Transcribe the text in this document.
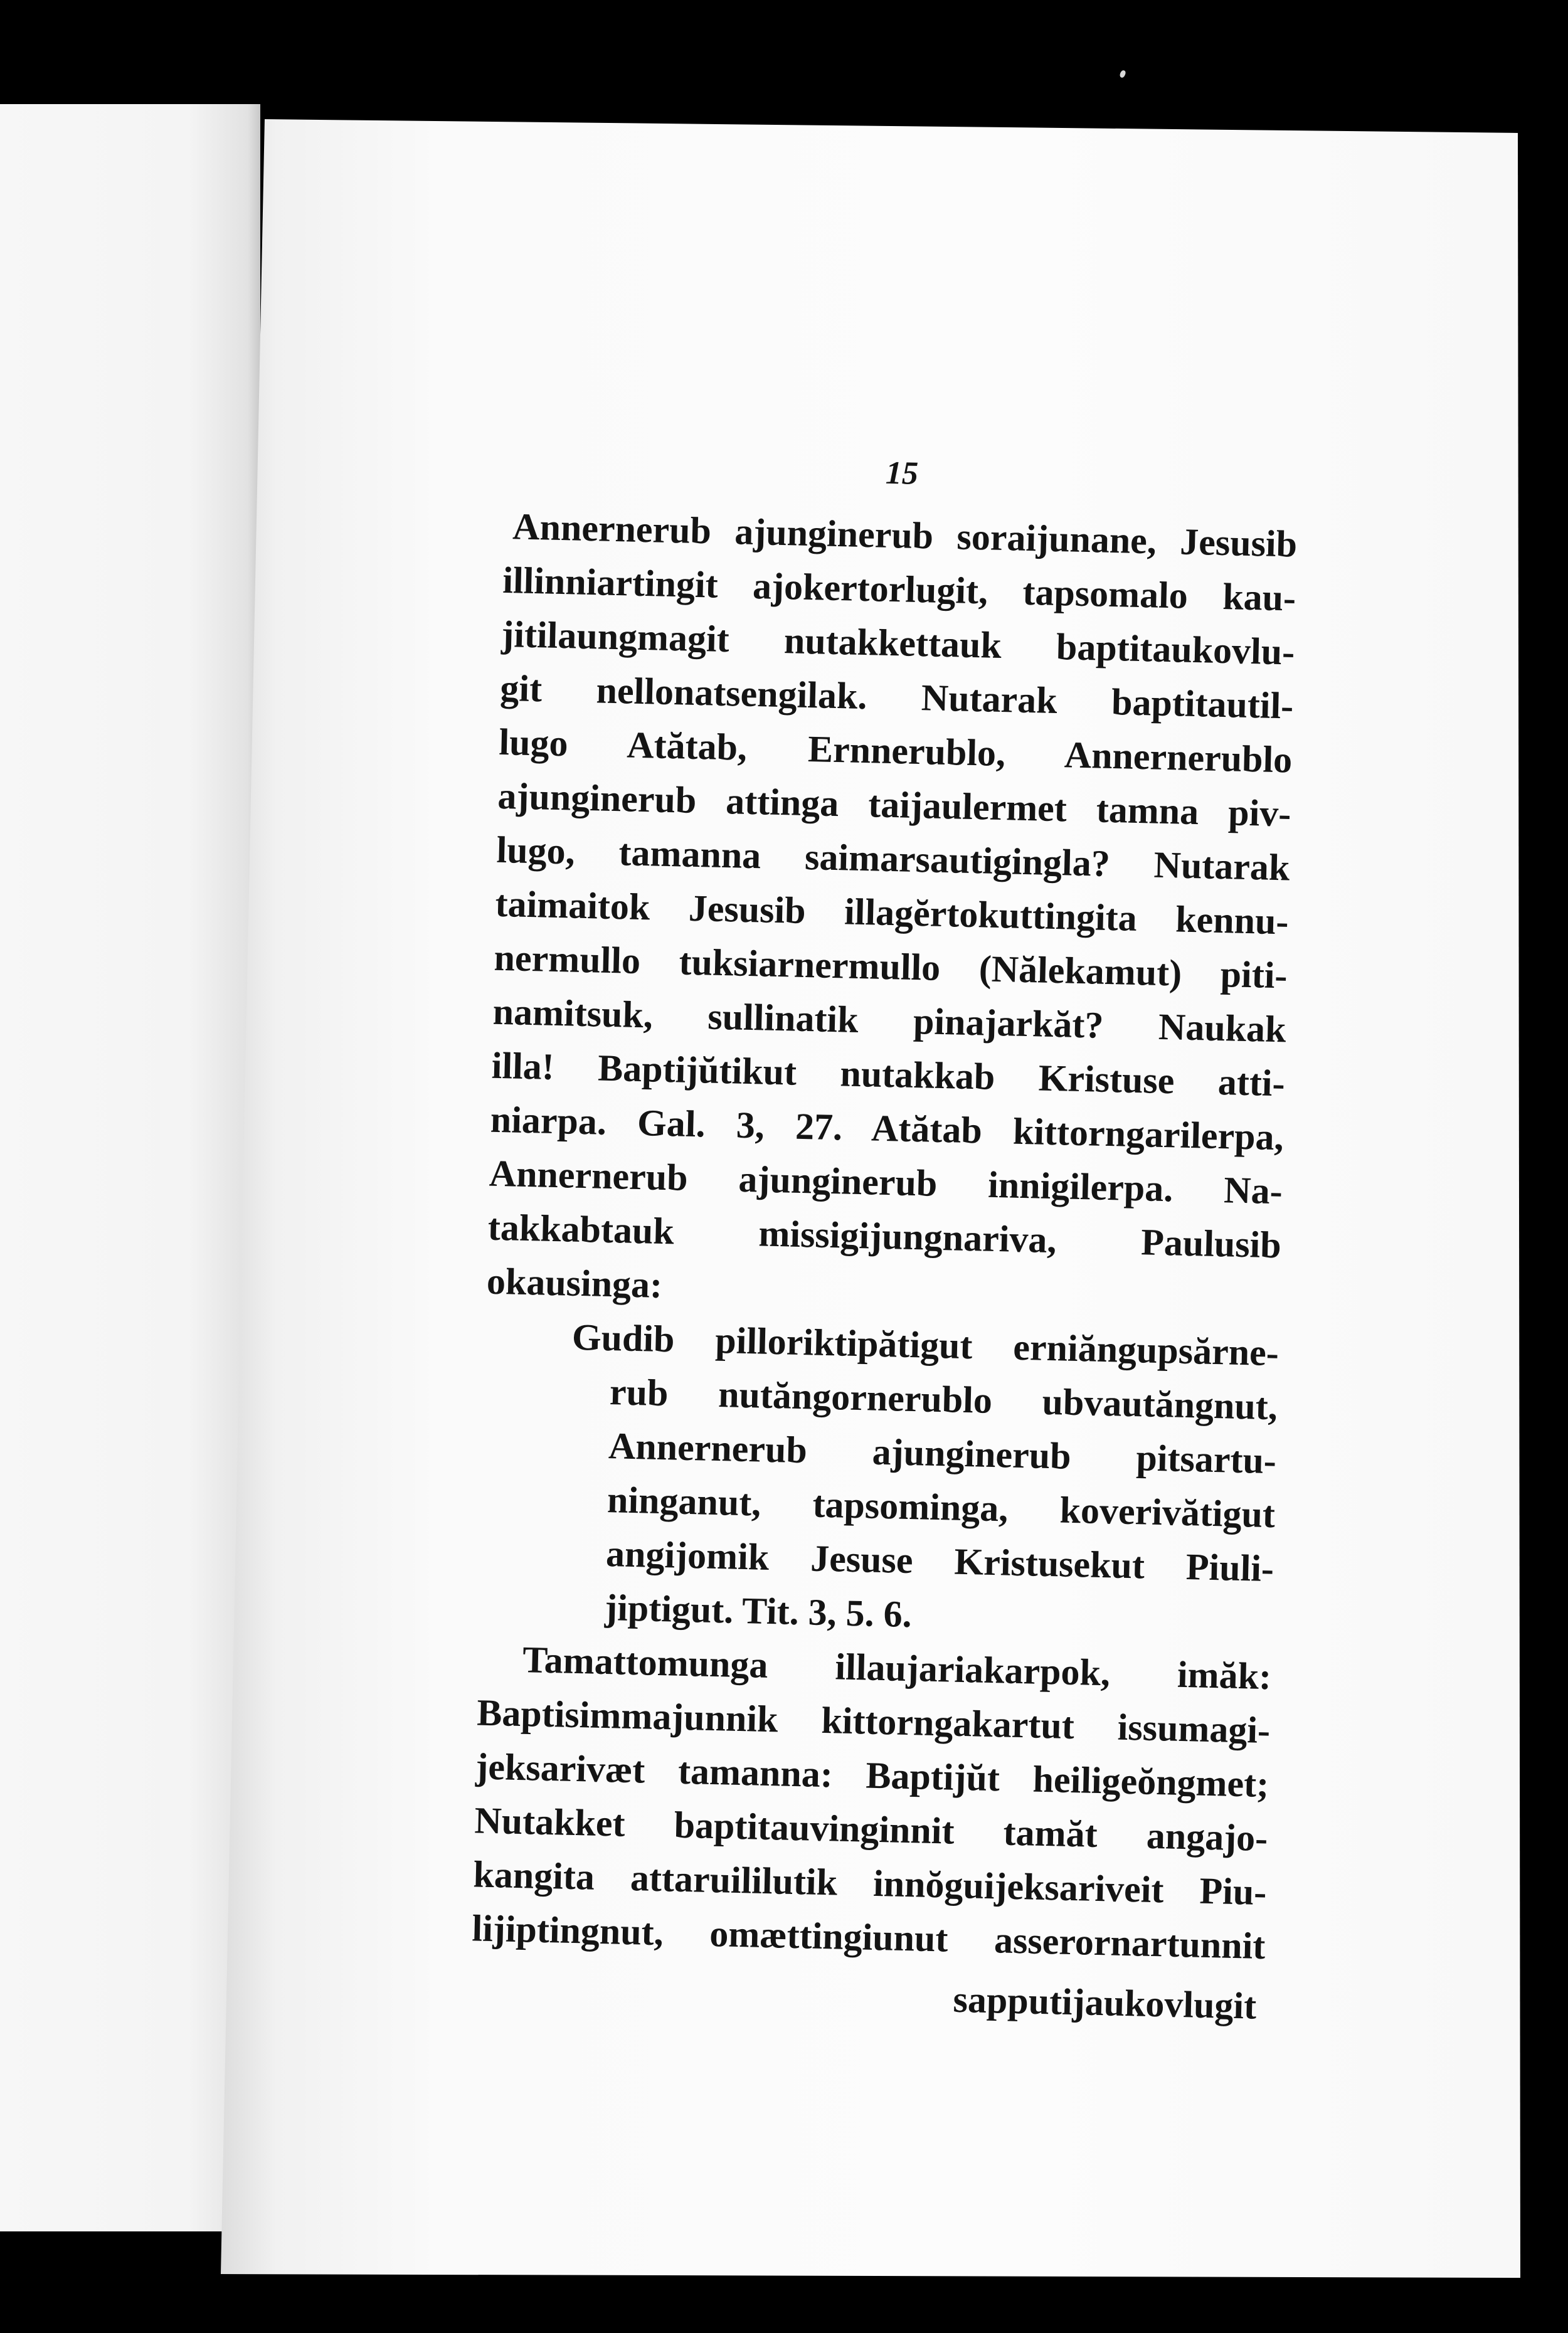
15
Annernerub ajunginerub soraijunane, Jesusib
illinniartingit ajokertorlugit, tapsomalo kau-
jitilaungmagit nutakkettauk baptitaukovlu-
git nellonatsengilak. Nutarak baptitautil-
lugo Atătab, Ernnerublo, Annernerublo
ajunginerub attinga taijaulermet tamna piv-
lugo, tamanna saimarsautigingla? Nutarak
taimaitok Jesusib illagĕrtokuttingita kennu-
nermullo tuksiarnermullo (Nălekamut) piti-
namitsuk, sullinatik pinajarkăt? Naukak
illa! Baptijŭtikut nutakkab Kristuse atti-
niarpa. Gal. 3, 27. Atătab kittorngarilerpa,
Annernerub ajunginerub innigilerpa. Na-
takkabtauk missigijungnariva, Paulusib
okausinga:
Gudib pilloriktipătigut erniăngupsărne-
rub nutăngornerublo ubvautăngnut,
Annernerub ajunginerub pitsartu-
ninganut, tapsominga, koverivătigut
angijomik Jesuse Kristusekut Piuli-
jiptigut. Tit. 3, 5. 6.
Tamattomunga illaujariakarpok, imăk:
Baptisimmajunnik kittorngakartut issumagi-
jeksarivæt tamanna: Baptijŭt heiligeŏngmet;
Nutakket baptitauvinginnit tamăt angajo-
kangita attaruililutik innŏguijeksariveit Piu-
lijiptingnut, omættingiunut asserornartunnit
sapputijaukovlugit
